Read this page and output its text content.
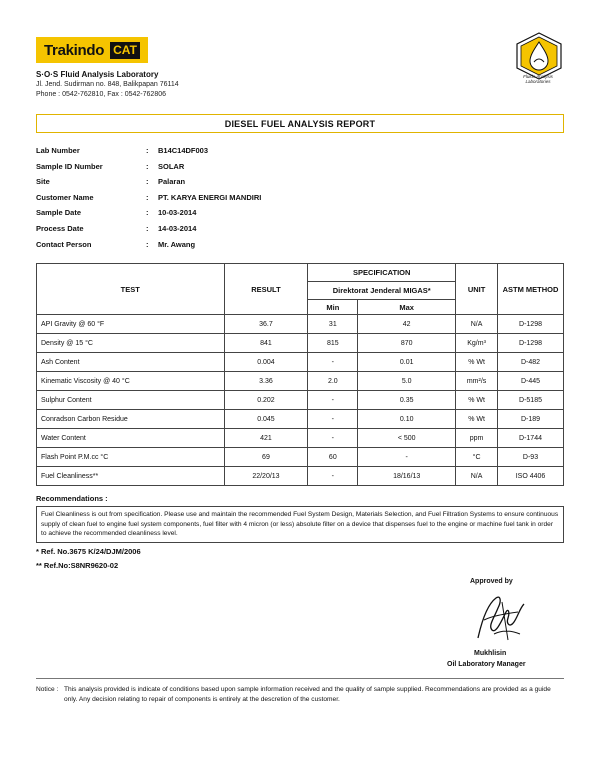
Trakindo CAT
S·O·S Fluid Analysis Laboratory
Jl. Jend. Sudirman no. 848, Balikpapan 76114
Phone : 0542-762810, Fax : 0542-762806
Fluids Analysis Laboratories
DIESEL FUEL ANALYSIS REPORT
Lab Number	:	B14C14DF003
Sample ID Number	:	SOLAR
Site	:	Palaran
Customer Name	:	PT. KARYA ENERGI MANDIRI
Sample Date	:	10-03-2014
Process Date	:	14-03-2014
Contact Person	:	Mr. Awang
TEST	RESULT	SPECIFICATION		UNIT	ASTM METHOD
		Direktorat Jenderal MIGAS*			
		Min	Max		
API Gravity @ 60 °F	36.7	31	42	N/A	D-1298
Density @ 15 °C	841	815	870	Kg/m³	D-1298
Ash Content	0.004	-	0.01	% Wt	D-482
Kinematic Viscosity @ 40 °C	3.36	2.0	5.0	mm²/s	D-445
Sulphur Content	0.202	-	0.35	% Wt	D-5185
Conradson Carbon Residue	0.045	-	0.10	% Wt	D-189
Water Content	421	-	< 500	ppm	D-1744
Flash Point P.M.cc °C	69	60	-	°C	D-93
Fuel Cleanliness**	22/20/13	-	18/16/13	N/A	ISO 4406
Recommendations :
Fuel Cleanliness is out from specification. Please use and maintain the recommended Fuel System Design, Materials Selection, and Fuel Filtration Systems to ensure continuous supply of clean fuel to engine fuel system components, fuel filter with 4 micron (or less) absolute filter on a device that dispenses fuel to the engine or machine fuel tank in order to achieve the recommended cleanliness level.
* Ref. No.3675 K/24/DJM/2006
** Ref.No:S8NR9620-02
Approved by
Mukhlisin
Oil Laboratory Manager
Notice : This analysis provided is indicate of conditions based upon sample information received and the quality of sample supplied. Recommendations are provided as a guide only. Any decision relating to repair of components is entirely at the descretion of the customer.
